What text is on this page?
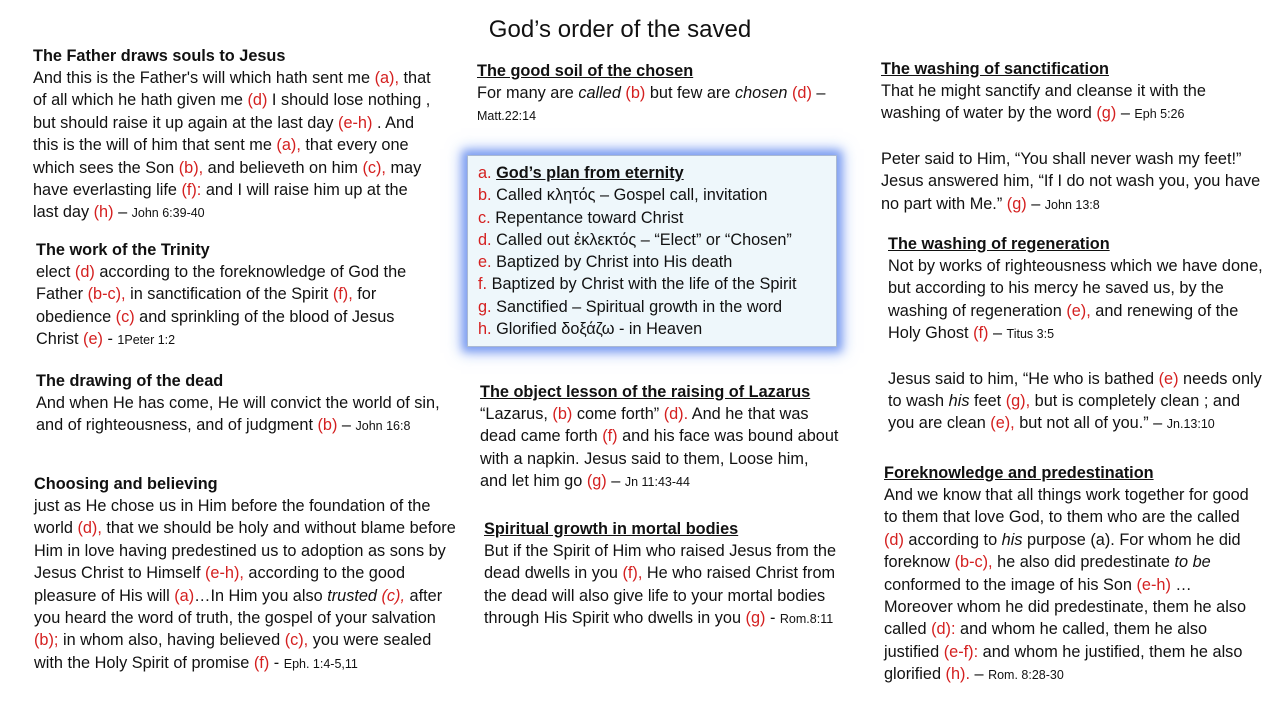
God’s order of the saved
The Father draws souls to Jesus

And this is the Father's will which hath sent me (a), that of all which he hath given me (d) I should lose nothing , but should raise it up again at the last day (e-h) . And this is the will of him that sent me (a), that every one which sees the Son (b), and believeth on him (c), may have everlasting life (f): and I will raise him up at the last day (h) – John 6:39-40

The work of the Trinity

elect (d) according to the foreknowledge of God the Father (b-c), in sanctification of the Spirit (f), for obedience (c) and sprinkling of the blood of Jesus Christ (e) - 1Peter 1:2

The drawing of the dead

And when He has come, He will convict the world of sin, and of righteousness, and of judgment (b) – John 16:8

Choosing and believing

just as He chose us in Him before the foundation of the world (d), that we should be holy and without blame before Him in love having predestined us to adoption as sons by Jesus Christ to Himself (e-h), according to the good pleasure of His will (a)…In Him you also trusted (c), after you heard the word of truth, the gospel of your salvation (b); in whom also, having believed (c), you were sealed with the Holy Spirit of promise (f) - Eph. 1:4-5,11

The good soil of the chosen

For many are called (b) but few are chosen (d) – Matt.22:14

a. God’s plan from eternity
b. Called κλητός – Gospel call, invitation
c. Repentance toward Christ
d. Called out ἐκλεκτός – “Elect” or “Chosen”
e. Baptized by Christ into His death
f. Baptized by Christ with the life of the Spirit
g. Sanctified – Spiritual growth in the word
h. Glorified δοξάζω - in Heaven
The object lesson of the raising of Lazarus

“Lazarus, (b) come forth” (d). And he that was dead came forth (f) and his face was bound about with a napkin. Jesus said to them, Loose him, and let him go (g) – Jn 11:43-44

Spiritual growth in mortal bodies

But if the Spirit of Him who raised Jesus from the dead dwells in you (f), He who raised Christ from the dead will also give life to your mortal bodies through His Spirit who dwells in you (g) - Rom.8:11

The washing of sanctification

That he might sanctify and cleanse it with the washing of water by the word (g) – Eph 5:26

Peter said to Him, “You shall never wash my feet!” Jesus answered him, “If I do not wash you, you have no part with Me.” (g) – John 13:8

The washing of regeneration

Not by works of righteousness which we have done, but according to his mercy he saved us, by the washing of regeneration (e), and renewing of the Holy Ghost (f) – Titus 3:5

Jesus said to him, “He who is bathed (e) needs only to wash his feet (g), but is completely clean ; and you are clean (e), but not all of you.” – Jn.13:10

Foreknowledge and predestination

And we know that all things work together for good to them that love God, to them who are the called (d) according to his purpose (a). For whom he did foreknow (b-c), he also did predestinate to be conformed to the image of his Son (e-h) … Moreover whom he did predestinate, them he also called (d): and whom he called, them he also justified (e-f): and whom he justified, them he also glorified (h). – Rom. 8:28-30
